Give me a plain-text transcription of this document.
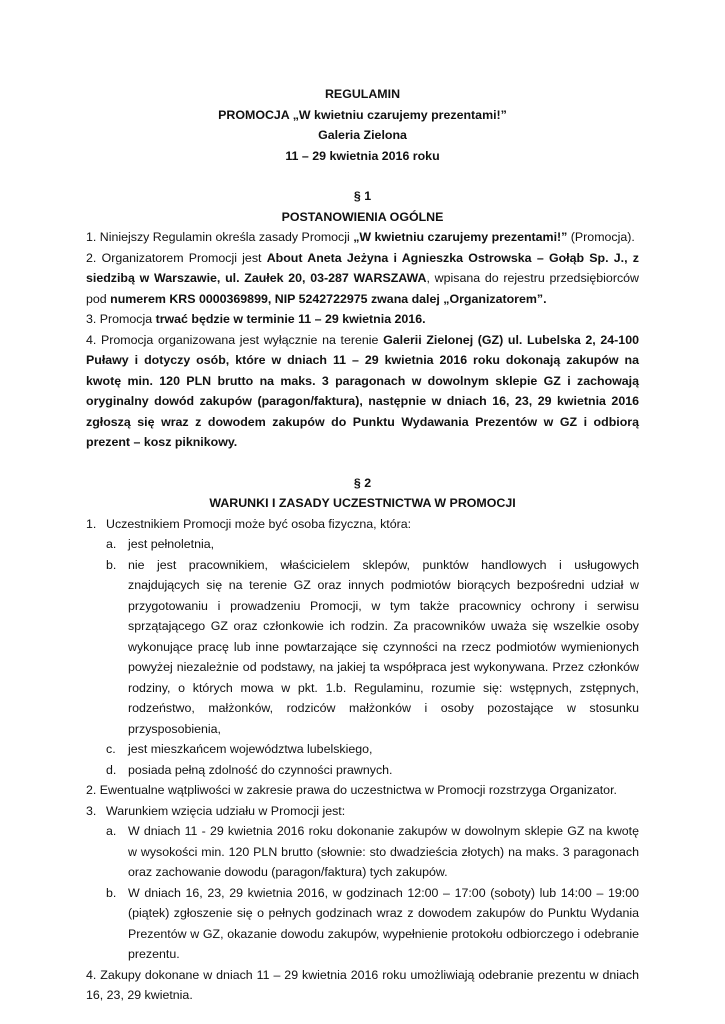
REGULAMIN
PROMOCJA „W kwietniu czarujemy prezentami!”
Galeria Zielona
11 – 29 kwietnia 2016 roku
§ 1
POSTANOWIENIA OGÓLNE
1. Niniejszy Regulamin określa zasady Promocji „W kwietniu czarujemy prezentami!” (Promocja).
2. Organizatorem Promocji jest About Aneta Jeżyna i Agnieszka Ostrowska – Gołąb Sp. J., z siedzibą w Warszawie, ul. Zaułek 20, 03-287 WARSZAWA, wpisana do rejestru przedsiębiorców pod numerem KRS 0000369899, NIP 5242722975 zwana dalej „Organizatorem”.
3. Promocja trwać będzie w terminie 11 – 29 kwietnia 2016.
4. Promocja organizowana jest wyłącznie na terenie Galerii Zielonej (GZ) ul. Lubelska 2, 24-100 Puławy i dotyczy osób, które w dniach 11 – 29 kwietnia 2016 roku dokonają zakupów na kwotę min. 120 PLN brutto na maks. 3 paragonach w dowolnym sklepie GZ i zachowają oryginalny dowód zakupów (paragon/faktura), następnie w dniach 16, 23, 29 kwietnia 2016 zgłoszą się wraz z dowodem zakupów do Punktu Wydawania Prezentów w GZ i odbiorą prezent – kosz piknikowy.
§ 2
WARUNKI I ZASADY UCZESTNICTWA W PROMOCJI
1. Uczestnikiem Promocji może być osoba fizyczna, która:
a. jest pełnoletnia,
b. nie jest pracownikiem, właścicielem sklepów, punktów handlowych i usługowych znajdujących się na terenie GZ oraz innych podmiotów biorących bezpośredni udział w przygotowaniu i prowadzeniu Promocji, w tym także pracownicy ochrony i serwisu sprzątającego GZ oraz członkowie ich rodzin. Za pracowników uważa się wszelkie osoby wykonujące pracę lub inne powtarzające się czynności na rzecz podmiotów wymienionych powyżej niezależnie od podstawy, na jakiej ta współpraca jest wykonywana. Przez członków rodziny, o których mowa w pkt. 1.b. Regulaminu, rozumie się: wstępnych, zstępnych, rodzeństwo, małżonków, rodziców małżonków i osoby pozostające w stosunku przysposobienia,
c. jest mieszkańcem województwa lubelskiego,
d. posiada pełną zdolność do czynności prawnych.
2. Ewentualne wątpliwości w zakresie prawa do uczestnictwa w Promocji rozstrzyga Organizator.
3. Warunkiem wzięcia udziału w Promocji jest:
a. W dniach 11 - 29 kwietnia 2016 roku dokonanie zakupów w dowolnym sklepie GZ na kwotę w wysokości min. 120 PLN brutto (słownie: sto dwadzieścia złotych) na maks. 3 paragonach oraz zachowanie dowodu (paragon/faktura) tych zakupów.
b. W dniach 16, 23, 29 kwietnia 2016, w godzinach 12:00 – 17:00 (soboty) lub 14:00 – 19:00 (piątek) zgłoszenie się o pełnych godzinach wraz z dowodem zakupów do Punktu Wydania Prezentów w GZ, okazanie dowodu zakupów, wypełnienie protokołu odbiorczego i odebranie prezentu.
4. Zakupy dokonane w dniach 11 – 29 kwietnia 2016 roku umożliwiają odebranie prezentu w dniach 16, 23, 29 kwietnia.
